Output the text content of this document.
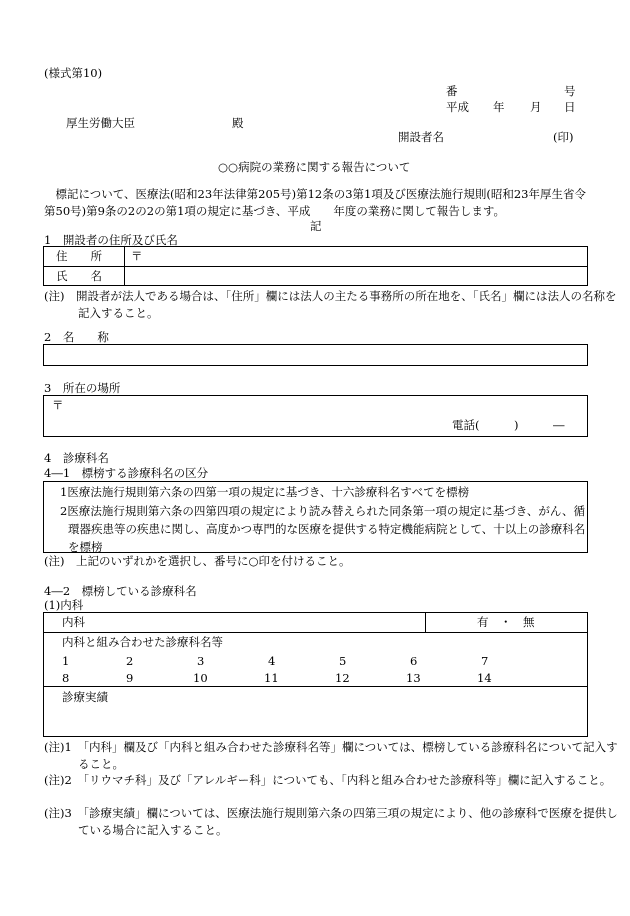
(様式第10)
番	号
平成 年 月 日
厚生労働大臣	殿
開設者名	(印)
○○病院の業務に関する報告について
標記について、医療法(昭和23年法律第205号)第12条の3第1項及び医療法施行規則(昭和23年厚生省令第50号)第9条の2の2の第1項の規定に基づき、平成　　年度の業務に関して報告します。
記
1　開設者の住所及び氏名
住　　所	〒
氏　　名
(注)　開設者が法人である場合は、「住所」欄には法人の主たる事務所の所在地を、「氏名」欄には法人の名称を記入すること。
2　名　　称
3　所在の場所
〒
電話(　　　)　　　―
4　診療科名
4―1　標榜する診療科名の区分
1医療法施行規則第六条の四第一項の規定に基づき、十六診療科名すべてを標榜
2医療法施行規則第六条の四第四項の規定により読み替えられた同条第一項の規定に基づき、がん、循環器疾患等の疾患に関し、高度かつ専門的な医療を提供する特定機能病院として、十以上の診療科名を標榜
(注)　上記のいずれかを選択し、番号に○印を付けること。
4―2　標榜している診療科名
(1)内科
内科	有　・　無
内科と組み合わせた診療科名等
1	2	3	4	5	6	7
8	9	10	11	12	13	14
診療実績
(注)1　「内科」欄及び「内科と組み合わせた診療科名等」欄については、標榜している診療科名について記入すること。
(注)2　「リウマチ科」及び「アレルギー科」についても、「内科と組み合わせた診療科等」欄に記入すること。
(注)3　「診療実績」欄については、医療法施行規則第六条の四第三項の規定により、他の診療科で医療を提供している場合に記入すること。
